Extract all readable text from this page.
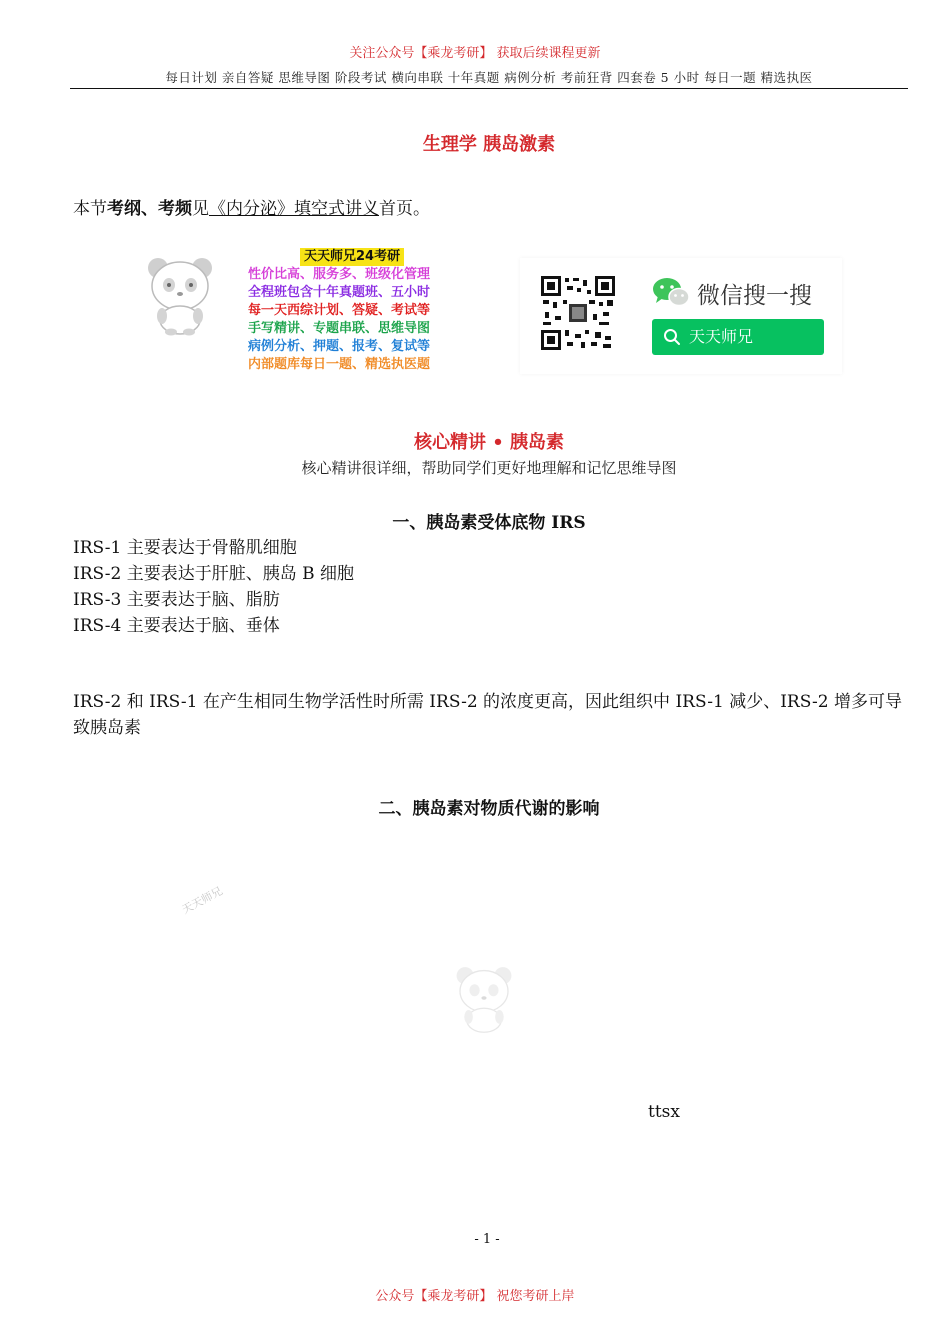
关注公众号【乘龙考研】 获取后续课程更新
每日计划 亲自答疑 思维导图 阶段考试 横向串联 十年真题 病例分析 考前狂背 四套卷 5 小时 每日一题 精选执医
生理学 胰岛激素
本节考纲、考频见《内分泌》填空式讲义首页。
天天师兄24考研
性价比高、服务多、班级化管理
全程班包含十年真题班、五小时
每一天西综计划、答疑、考试等
手写精讲、专题串联、思维导图
病例分析、押题、报考、复试等
内部题库每日一题、精选执医题
微信搜一搜
天天师兄
核心精讲 • 胰岛素
核心精讲很详细，帮助同学们更好地理解和记忆思维导图
一、胰岛素受体底物 IRS
IRS-1 主要表达于骨骼肌细胞
IRS-2 主要表达于肝脏、胰岛 B 细胞
IRS-3 主要表达于脑、脂肪
IRS-4 主要表达于脑、垂体
IRS-2 和 IRS-1 在产生相同生物学活性时所需 IRS-2 的浓度更高，因此组织中 IRS-1 减少、IRS-2 增多可导致胰岛素
二、胰岛素对物质代谢的影响
天天师兄
ttsx
- 1 -
公众号【乘龙考研】 祝您考研上岸
